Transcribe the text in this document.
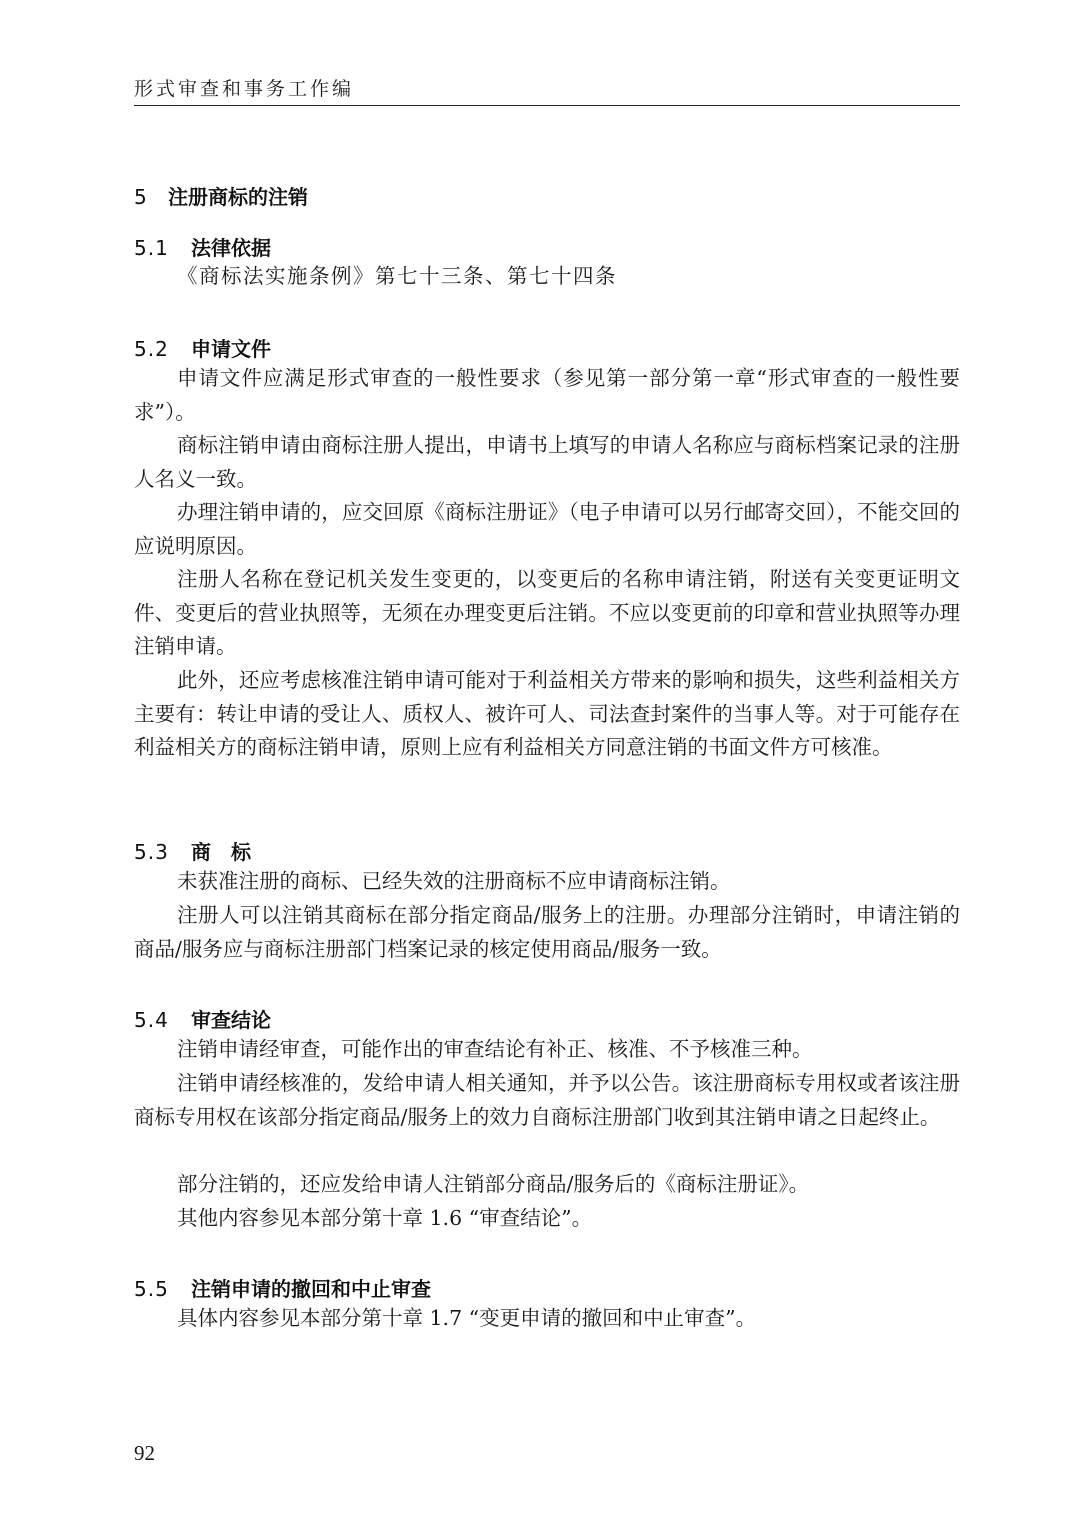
形式审查和事务工作编
5 注册商标的注销
5.1 法律依据

《商标法实施条例》第七十三条、第七十四条

5.2 申请文件

申请文件应满足形式审查的一般性要求（参见第一部分第一章“形式审查的一般性要求”）。

商标注销申请由商标注册人提出，申请书上填写的申请人名称应与商标档案记录的注册人名义一致。

办理注销申请的，应交回原《商标注册证》（电子申请可以另行邮寄交回），不能交回的应说明原因。

注册人名称在登记机关发生变更的，以变更后的名称申请注销，附送有关变更证明文件、变更后的营业执照等，无须在办理变更后注销。不应以变更前的印章和营业执照等办理注销申请。

此外，还应考虑核准注销申请可能对于利益相关方带来的影响和损失，这些利益相关方主要有：转让申请的受让人、质权人、被许可人、司法查封案件的当事人等。对于可能存在利益相关方的商标注销申请，原则上应有利益相关方同意注销的书面文件方可核准。

5.3 商　标

未获准注册的商标、已经失效的注册商标不应申请商标注销。

注册人可以注销其商标在部分指定商品/服务上的注册。办理部分注销时，申请注销的商品/服务应与商标注册部门档案记录的核定使用商品/服务一致。

5.4 审查结论

注销申请经审查，可能作出的审查结论有补正、核准、不予核准三种。

注销申请经核准的，发给申请人相关通知，并予以公告。该注册商标专用权或者该注册商标专用权在该部分指定商品/服务上的效力自商标注册部门收到其注销申请之日起终止。

部分注销的，还应发给申请人注销部分商品/服务后的《商标注册证》。

其他内容参见本部分第十章 1.6 “审查结论”。

5.5 注销申请的撤回和中止审查

具体内容参见本部分第十章 1.7 “变更申请的撤回和中止审查”。

92
